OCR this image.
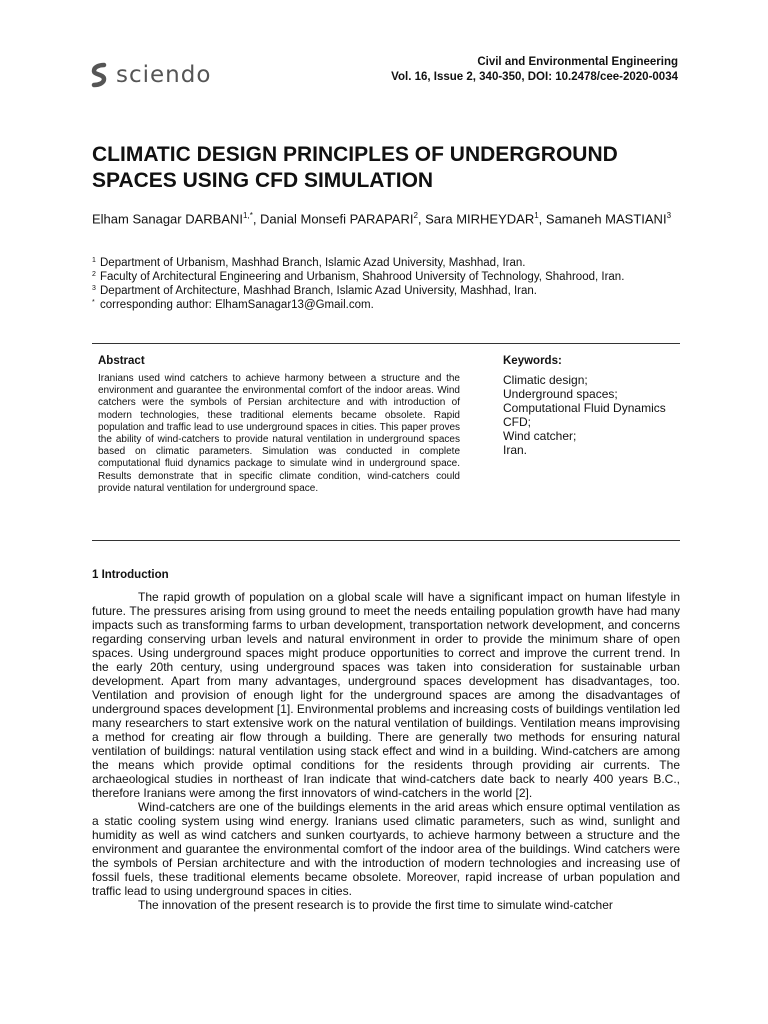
sciendo	Civil and Environmental Engineering
Vol. 16, Issue 2, 340-350, DOI: 10.2478/cee-2020-0034
CLIMATIC DESIGN PRINCIPLES OF UNDERGROUND SPACES USING CFD SIMULATION
Elham Sanagar $DARBANI^{1,*}$, Danial Monsefi PARAPARI$^2$, Sara MIRHEYDAR$^1$, Samaneh MASTIANI$^3$
1 Department of Urbanism, Mashhad Branch, Islamic Azad University, Mashhad, Iran.
2 Faculty of Architectural Engineering and Urbanism, Shahrood University of Technology, Shahrood, Iran.
3 Department of Architecture, Mashhad Branch, Islamic Azad University, Mashhad, Iran.
* corresponding author: ElhamSanagar13@Gmail.com.
Abstract

Iranians used wind catchers to achieve harmony between a structure and the environment and guarantee the environmental comfort of the indoor areas. Wind catchers were the symbols of Persian architecture and with introduction of modern technologies, these traditional elements became obsolete. Rapid population and traffic lead to use underground spaces in cities. This paper proves the ability of wind-catchers to provide natural ventilation in underground spaces based on climatic parameters. Simulation was conducted in complete computational fluid dynamics package to simulate wind in underground space. Results demonstrate that in specific climate condition, wind-catchers could provide natural ventilation for underground space.

Keywords:
Climatic design;
Underground spaces;
Computational Fluid Dynamics CFD;
Wind catcher;
Iran.
1 Introduction

The rapid growth of population on a global scale will have a significant impact on human lifestyle in future. The pressures arising from using ground to meet the needs entailing population growth have had many impacts such as transforming farms to urban development, transportation network development, and concerns regarding conserving urban levels and natural environment in order to provide the minimum share of open spaces. Using underground spaces might produce opportunities to correct and improve the current trend. In the early 20th century, using underground spaces was taken into consideration for sustainable urban development. Apart from many advantages, underground spaces development has disadvantages, too. Ventilation and provision of enough light for the underground spaces are among the disadvantages of underground spaces development [1]. Environmental problems and increasing costs of buildings ventilation led many researchers to start extensive work on the natural ventilation of buildings. Ventilation means improvising a method for creating air flow through a building. There are generally two methods for ensuring natural ventilation of buildings: natural ventilation using stack effect and wind in a building. Wind-catchers are among the means which provide optimal conditions for the residents through providing air currents. The archaeological studies in northeast of Iran indicate that wind-catchers date back to nearly 400 years B.C., therefore Iranians were among the first innovators of wind-catchers in the world [2].

Wind-catchers are one of the buildings elements in the arid areas which ensure optimal ventilation as a static cooling system using wind energy. Iranians used climatic parameters, such as wind, sunlight and humidity as well as wind catchers and sunken courtyards, to achieve harmony between a structure and the environment and guarantee the environmental comfort of the indoor area of the buildings. Wind catchers were the symbols of Persian architecture and with the introduction of modern technologies and increasing use of fossil fuels, these traditional elements became obsolete. Moreover, rapid increase of urban population and traffic lead to using underground spaces in cities.

The innovation of the present research is to provide the first time to simulate wind-catcher
